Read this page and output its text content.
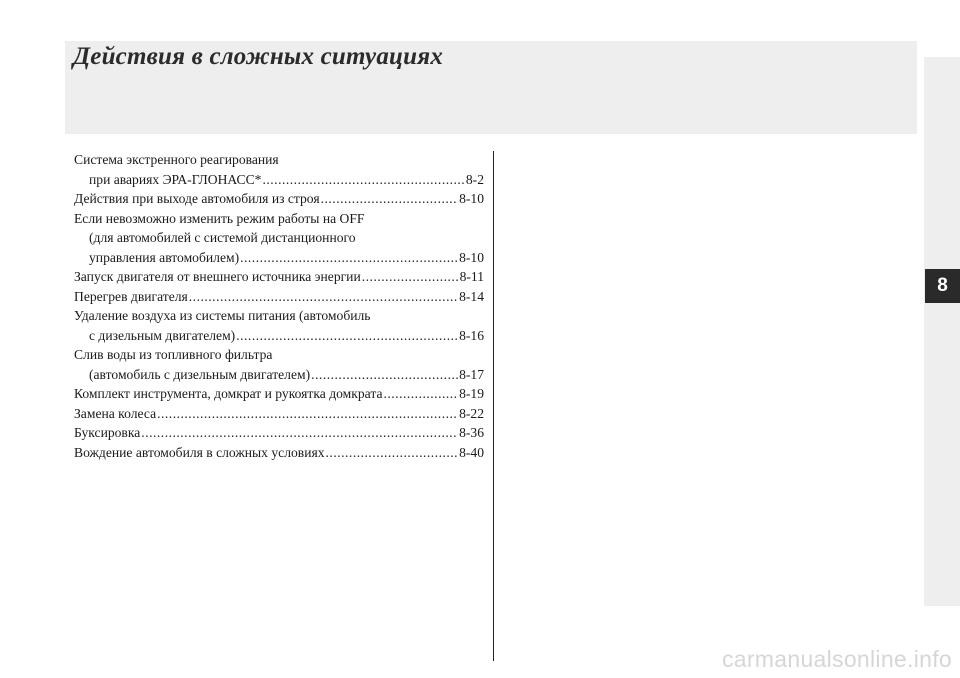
Действия в сложных ситуациях
8
Система экстренного реагирования
при авариях ЭРА-ГЛОНАСС* .....	8-2
Действия при выходе автомобиля из строя .....	8-10
Если невозможно изменить режим работы на OFF
(для автомобилей с системой дистанционного
управления автомобилем) .....	8-10
Запуск двигателя от внешнего источника энергии .....	8-11
Перегрев двигателя .....	8-14
Удаление воздуха из системы питания (автомобиль
с дизельным двигателем) .....	8-16
Слив воды из топливного фильтра
(автомобиль с дизельным двигателем) .....	8-17
Комплект инструмента, домкрат и рукоятка домкрата .....	8-19
Замена колеса .....	8-22
Буксировка .....	8-36
Вождение автомобиля в сложных условиях .....	8-40
carmanualsonline.info
